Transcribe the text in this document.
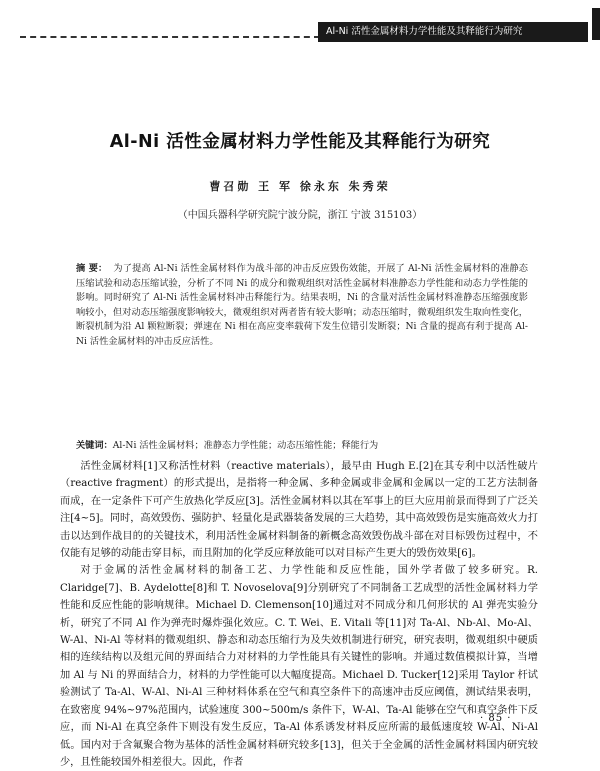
Al-Ni 活性金属材料力学性能及其释能行为研究
Al-Ni 活性金属材料力学性能及其释能行为研究
曹召勋 王 军 徐永东 朱秀荣
（中国兵器科学研究院宁波分院，浙江 宁波 315103）
摘 要： 为了提高 Al-Ni 活性金属材料作为战斗部的冲击反应毁伤效能，开展了 Al-Ni 活性金属材料的准静态压缩试验和动态压缩试验，分析了不同 Ni 的成分和微观组织对活性金属材料准静态力学性能和动态力学性能的影响。同时研究了 Al-Ni 活性金属材料冲击释能行为。结果表明，Ni 的含量对活性金属材料准静态压缩强度影响较小，但对动态压缩强度影响较大，微观组织对两者皆有较大影响；动态压缩时，微观组织发生取向性变化，断裂机制为沿 Al 颗粒断裂；弹速在 Ni 相在高应变率载荷下发生位错引发断裂；Ni 含量的提高有利于提高 Al-Ni 活性金属材料的冲击反应活性。
关键词：Al-Ni 活性金属材料；准静态力学性能；动态压缩性能；释能行为

活性金属材料[1]又称活性材料（reactive materials），最早由 Hugh E.[2]在其专利中以活性破片（reactive fragment）的形式提出，是指将一种金属、多种金属或非金属和金属以一定的工艺方法制备而成，在一定条件下可产生放热化学反应[3]。活性金属材料以其在军事上的巨大应用前景而得到了广泛关注[4~5]。同时，高效毁伤、强防护、轻量化是武器装备发展的三大趋势，其中高效毁伤是实施高效火力打击以达到作战目的的关键技术，利用活性金属材料制备的新概念高效毁伤战斗部在对目标毁伤过程中，不仅能有足够的动能击穿目标，而且附加的化学反应释放能可以对目标产生更大的毁伤效果[6]。

对于金属的活性金属材料的制备工艺、力学性能和反应性能，国外学者做了较多研究。R. Claridge[7]、B. Aydelotte[8]和 T. Novoselova[9]分别研究了不同制备工艺成型的活性金属材料力学性能和反应性能的影响规律。Michael D. Clemenson[10]通过对不同成分和几何形状的 Al 弹壳实验分析，研究了不同 Al 作为弹壳时爆炸强化效应。C. T. Wei、E. Vitali 等[11]对 Ta-Al、Nb-Al、Mo-Al、W-Al、Ni-Al 等材料的微观组织、静态和动态压缩行为及失效机制进行研究，研究表明，微观组织中硬质相的连续结构以及组元间的界面结合力对材料的力学性能具有关键性的影响。并通过数值模拟计算，当增加 Al 与 Ni 的界面结合力，材料的力学性能可以大幅度提高。Michael D. Tucker[12]采用 Taylor 杆试验测试了 Ta-Al、W-Al、Ni-Al 三种材料体系在空气和真空条件下的高速冲击反应阈值，测试结果表明，在致密度 94%~97%范围内，试验速度 300~500m/s 条件下，W-Al、Ta-Al 能够在空气和真空条件下反应，而 Ni-Al 在真空条件下则没有发生反应，Ta-Al 体系诱发材料反应所需的最低速度较 W-Al、Ni-Al 低。国内对于含氟聚合物为基体的活性金属材料研究较多[13]，但关于全金属的活性金属材料国内研究较少，且性能较国外相差很大。因此，作者

· 85 ·
